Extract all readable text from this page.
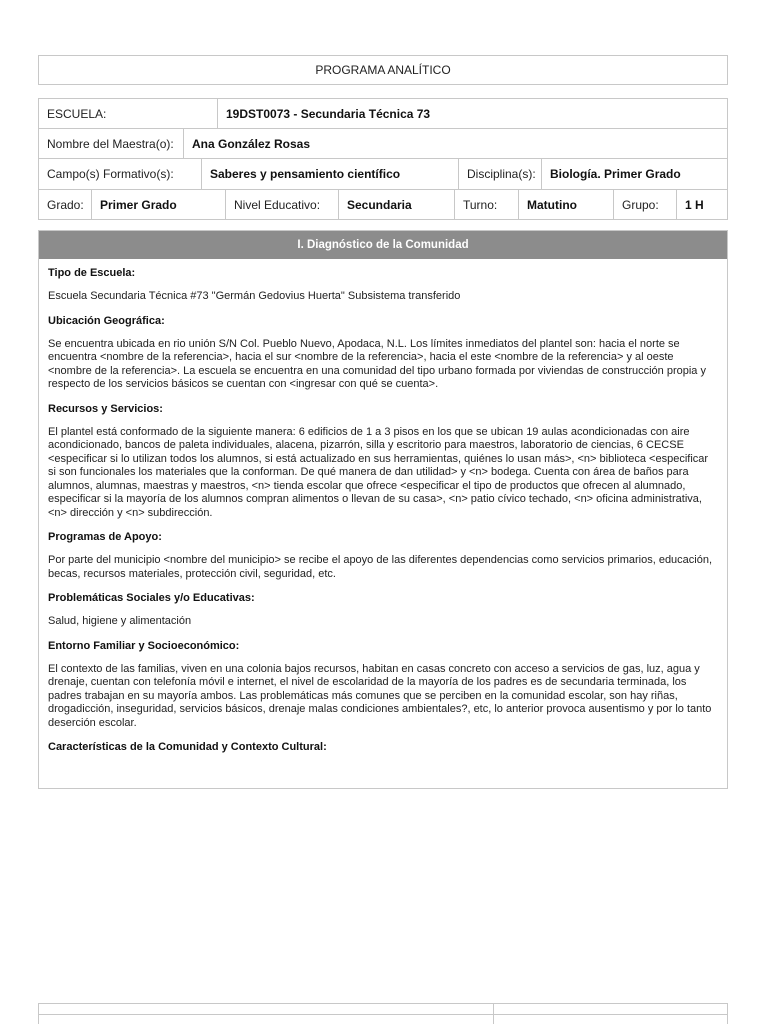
PROGRAMA ANALÍTICO
ESCUELA:	19DST0073 - Secundaria Técnica 73
Nombre del Maestra(o):	Ana González Rosas
Campo(s) Formativo(s):	Saberes y pensamiento científico	Disciplina(s):	Biología. Primer Grado
Grado:	Primer Grado	Nivel Educativo:	Secundaria	Turno:	Matutino	Grupo:	1 H
I. Diagnóstico de la Comunidad

Tipo de Escuela:

Escuela Secundaria Técnica #73 "Germán Gedovius Huerta" Subsistema transferido

Ubicación Geográfica:

Se encuentra ubicada en rio unión S/N Col. Pueblo Nuevo, Apodaca, N.L. Los límites inmediatos del plantel son: hacia el norte se encuentra <nombre de la referencia>, hacia el sur <nombre de la referencia>, hacia el este <nombre de la referencia> y al oeste <nombre de la referencia>. La escuela se encuentra en una comunidad del tipo urbano formada por viviendas de construcción propia y respecto de los servicios básicos se cuentan con <ingresar con qué se cuenta>.

Recursos y Servicios:

El plantel está conformado de la siguiente manera: 6 edificios de 1 a 3 pisos en los que se ubican 19 aulas acondicionadas con aire acondicionado, bancos de paleta individuales, alacena, pizarrón, silla y escritorio para maestros, laboratorio de ciencias, 6 CECSE <especificar si lo utilizan todos los alumnos, si está actualizado en sus herramientas, quiénes lo usan más>, <n> biblioteca <especificar si son funcionales los materiales que la conforman. De qué manera de dan utilidad> y <n> bodega. Cuenta con área de baños para alumnos, alumnas, maestras y maestros, <n> tienda escolar que ofrece <especificar el tipo de productos que ofrecen al alumnado, especificar si la mayoría de los alumnos compran alimentos o llevan de su casa>, <n> patio cívico techado, <n> oficina administrativa, <n> dirección y <n> subdirección.

Programas de Apoyo:

Por parte del municipio <nombre del municipio> se recibe el apoyo de las diferentes dependencias como servicios primarios, educación, becas, recursos materiales, protección civil, seguridad, etc.

Problemáticas Sociales y/o Educativas:

Salud, higiene y alimentación

Entorno Familiar y Socioeconómico:

El contexto de las familias, viven en una colonia bajos recursos, habitan en casas concreto con acceso a servicios de gas, luz, agua y drenaje, cuentan con telefonía móvil e internet, el nivel de escolaridad de la mayoría de los padres es de secundaria terminada, los padres trabajan en su mayoría ambos. Las problemáticas más comunes que se perciben en la comunidad escolar, son hay riñas, drogadicción, inseguridad, servicios básicos, drenaje malas condiciones ambientales?, etc, lo anterior provoca ausentismo y por lo tanto deserción escolar.

Características de la Comunidad y Contexto Cultural:
